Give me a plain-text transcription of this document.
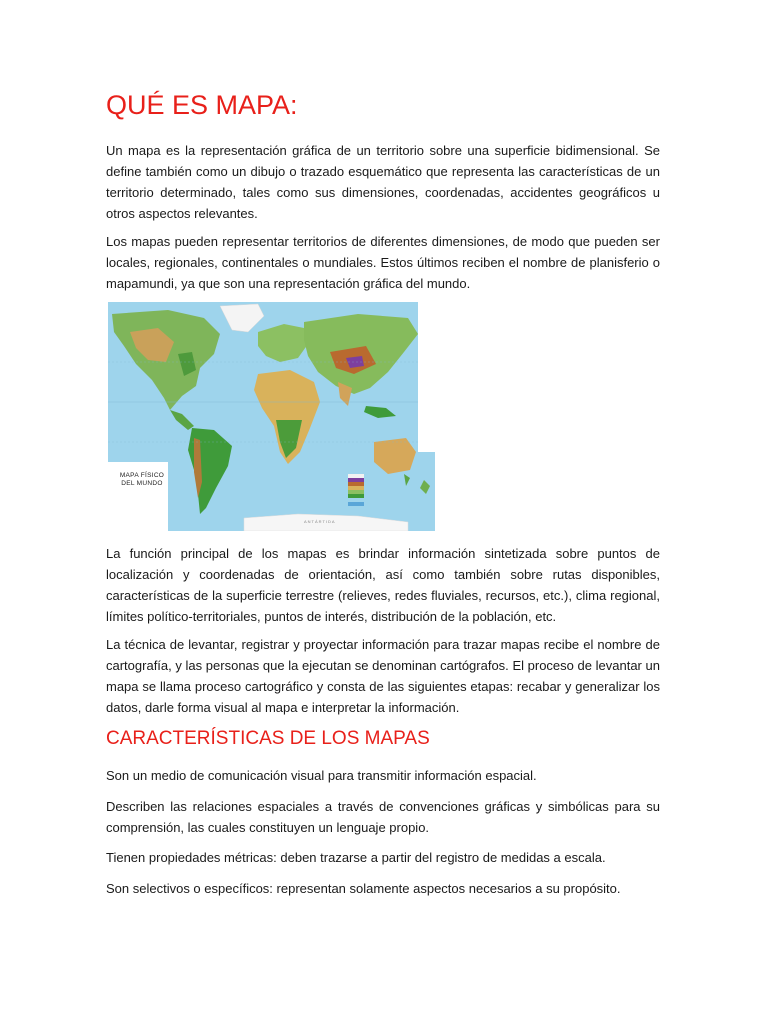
QUÉ ES MAPA:

Un mapa es la representación gráfica de un territorio sobre una superficie bidimensional. Se define también como un dibujo o trazado esquemático que representa las características de un territorio determinado, tales como sus dimensiones, coordenadas, accidentes geográficos u otros aspectos relevantes.

Los mapas pueden representar territorios de diferentes dimensiones, de modo que pueden ser locales, regionales, continentales o mundiales. Estos últimos reciben el nombre de planisferio o mapamundi, ya que son una representación gráfica del mundo.

ANTÁRTIDA
MAPA FÍSICO DEL MUNDO

La función principal de los mapas es brindar información sintetizada sobre puntos de localización y coordenadas de orientación, así como también sobre rutas disponibles, características de la superficie terrestre (relieves, redes fluviales, recursos, etc.), clima regional, límites político-territoriales, puntos de interés, distribución de la población, etc.

La técnica de levantar, registrar y proyectar información para trazar mapas recibe el nombre de cartografía, y las personas que la ejecutan se denominan cartógrafos. El proceso de levantar un mapa se llama proceso cartográfico y consta de las siguientes etapas: recabar y generalizar los datos, darle forma visual al mapa e interpretar la información.

CARACTERÍSTICAS DE LOS MAPAS

Son un medio de comunicación visual para transmitir información espacial.

Describen las relaciones espaciales a través de convenciones gráficas y simbólicas para su comprensión, las cuales constituyen un lenguaje propio.

Tienen propiedades métricas: deben trazarse a partir del registro de medidas a escala.

Son selectivos o específicos: representan solamente aspectos necesarios a su propósito.
